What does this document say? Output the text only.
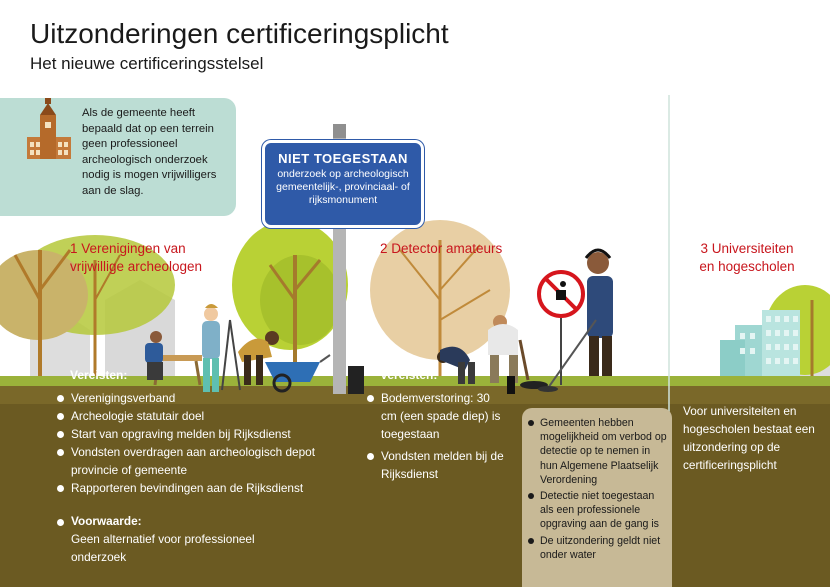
Uitzonderingen certificeringsplicht
Het nieuwe certificeringsstelsel
Als de gemeente heeft bepaald dat op een terrein geen professioneel archeologisch onderzoek nodig is mogen vrijwilligers aan de slag.
NIET TOEGESTAAN
onderzoek op archeologisch gemeentelijk-, provinciaal- of rijksmonument
1 Verenigingen van
vrijwillige archeologen
2 Detector amateurs	3 Universiteiten
en hogescholen
Vereisten:
Verenigingsverband
Archeologie statutair doel
Start van opgraving melden bij Rijksdienst
Vondsten overdragen aan archeologisch depot provincie of gemeente
Rapporteren bevindingen aan de Rijksdienst
Voorwaarde:
Geen alternatief voor professioneel onderzoek
Vereisten:
Bodemverstoring: 30 cm (een spade diep) is toegestaan
Vondsten melden bij de Rijksdienst
Gemeenten hebben mogelijkheid om verbod op detectie op te nemen in hun Algemene Plaatselijk Verordening
Detectie niet toegestaan als een professionele opgraving aan de gang is
De uitzondering geldt niet onder water
Voor universiteiten en hogescholen bestaat een uitzondering op de certificeringsplicht
